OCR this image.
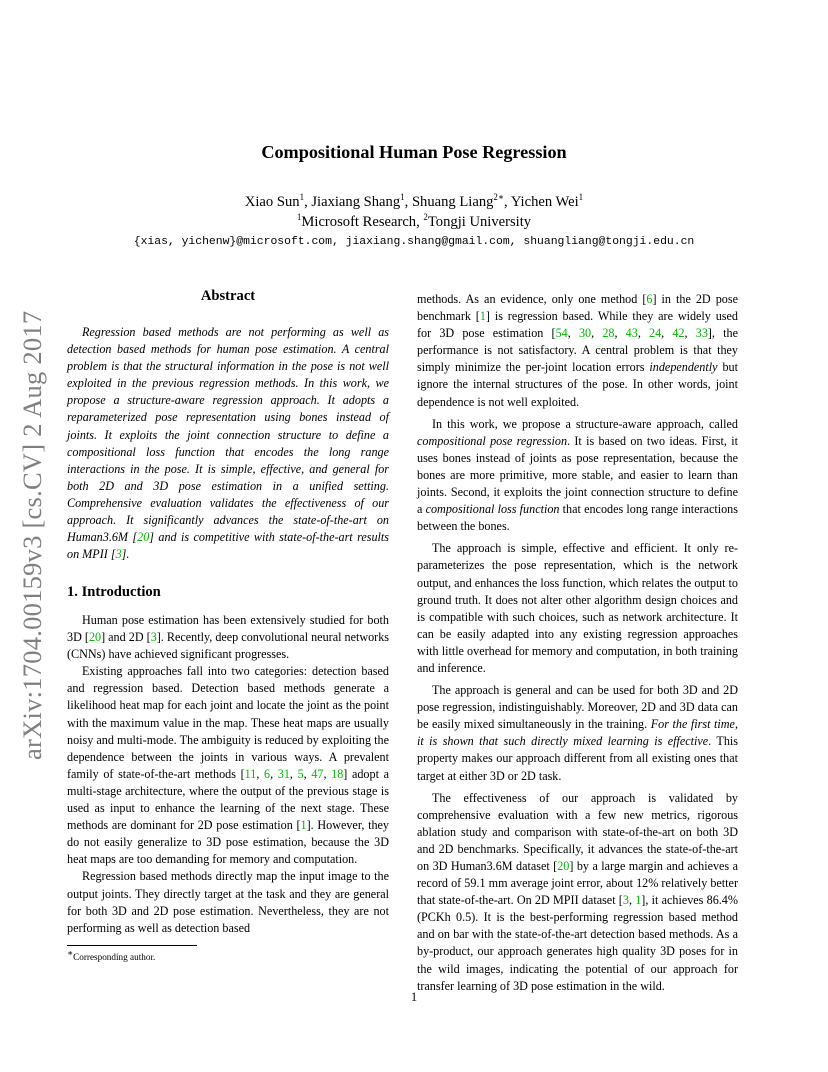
arXiv:1704.00159v3 [cs.CV] 2 Aug 2017
Compositional Human Pose Regression
Xiao Sun$^1$, Jiaxiang Shang$^1$, Shuang Liang$^{2∗}$, Yichen Wei$^1$
$^1$Microsoft Research, $^2$Tongji University
{xias, yichenw}@microsoft.com, jiaxiang.shang@gmail.com, shuangliang@tongji.edu.cn
Abstract

Regression based methods are not performing as well as detection based methods for human pose estimation. A central problem is that the structural information in the pose is not well exploited in the previous regression methods. In this work, we propose a structure-aware regression approach. It adopts a reparameterized pose representation using bones instead of joints. It exploits the joint connection structure to define a compositional loss function that encodes the long range interactions in the pose. It is simple, effective, and general for both 2D and 3D pose estimation in a unified setting. Comprehensive evaluation validates the effectiveness of our approach. It significantly advances the state-of-the-art on Human3.6M [20] and is competitive with state-of-the-art results on MPII [3].

1. Introduction

Human pose estimation has been extensively studied for both 3D [20] and 2D [3]. Recently, deep convolutional neural networks (CNNs) have achieved significant progresses.

Existing approaches fall into two categories: detection based and regression based. Detection based methods generate a likelihood heat map for each joint and locate the joint as the point with the maximum value in the map. These heat maps are usually noisy and multi-mode. The ambiguity is reduced by exploiting the dependence between the joints in various ways. A prevalent family of state-of-the-art methods [11, 6, 31, 5, 47, 18] adopt a multi-stage architecture, where the output of the previous stage is used as input to enhance the learning of the next stage. These methods are dominant for 2D pose estimation [1]. However, they do not easily generalize to 3D pose estimation, because the 3D heat maps are too demanding for memory and computation.

Regression based methods directly map the input image to the output joints. They directly target at the task and they are general for both 3D and 2D pose estimation. Nevertheless, they are not performing as well as detection based

methods. As an evidence, only one method [6] in the 2D pose benchmark [1] is regression based. While they are widely used for 3D pose estimation [54, 30, 28, 43, 24, 42, 33], the performance is not satisfactory. A central problem is that they simply minimize the per-joint location errors independently but ignore the internal structures of the pose. In other words, joint dependence is not well exploited.

In this work, we propose a structure-aware approach, called compositional pose regression. It is based on two ideas. First, it uses bones instead of joints as pose representation, because the bones are more primitive, more stable, and easier to learn than joints. Second, it exploits the joint connection structure to define a compositional loss function that encodes long range interactions between the bones.

The approach is simple, effective and efficient. It only re-parameterizes the pose representation, which is the network output, and enhances the loss function, which relates the output to ground truth. It does not alter other algorithm design choices and is compatible with such choices, such as network architecture. It can be easily adapted into any existing regression approaches with little overhead for memory and computation, in both training and inference.

The approach is general and can be used for both 3D and 2D pose regression, indistinguishably. Moreover, 2D and 3D data can be easily mixed simultaneously in the training. For the first time, it is shown that such directly mixed learning is effective. This property makes our approach different from all existing ones that target at either 3D or 2D task.

The effectiveness of our approach is validated by comprehensive evaluation with a few new metrics, rigorous ablation study and comparison with state-of-the-art on both 3D and 2D benchmarks. Specifically, it advances the state-of-the-art on 3D Human3.6M dataset [20] by a large margin and achieves a record of 59.1 mm average joint error, about 12% relatively better that state-of-the-art. On 2D MPII dataset [3, 1], it achieves 86.4% (PCKh 0.5). It is the best-performing regression based method and on bar with the state-of-the-art detection based methods. As a by-product, our approach generates high quality 3D poses for in the wild images, indicating the potential of our approach for transfer learning of 3D pose estimation in the wild.

∗Corresponding author.
1
